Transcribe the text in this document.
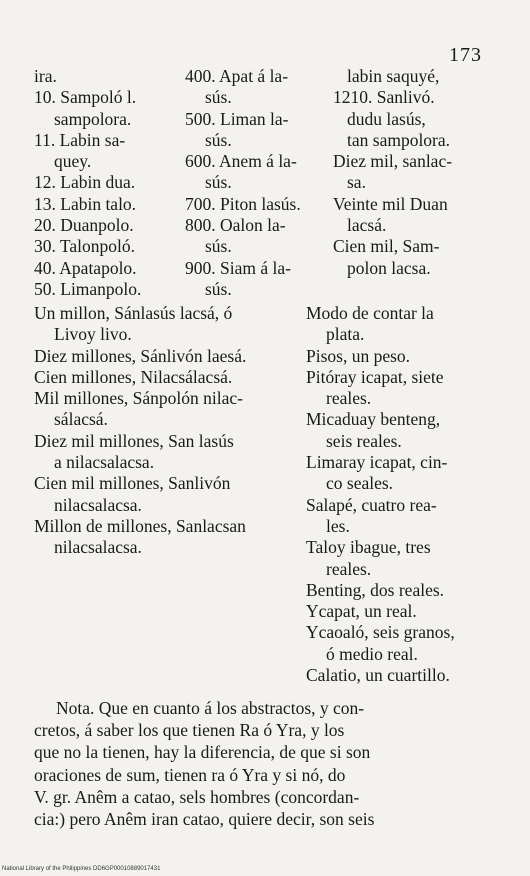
173
ira.
10. Sampoló l.
sampolora.
11. Labin sa-
quey.
12. Labin dua.
13. Labin talo.
20. Duanpolo.
30. Talonpoló.
40. Apatapolo.
50. Limanpolo.
400. Apat á la-
sús.
500. Liman la-
sús.
600. Anem á la-
sús.
700. Piton lasús.
800. Oalon la-
sús.
900. Siam á la-
sús.
labin saquyé,
1210. Sanlivó.
dudu lasús,
tan sampolora.
Diez mil, sanlac-
sa.
Veinte mil Duan
lacsá.
Cien mil, Sam-
polon lacsa.
Un millon, Sánlasús lacsá, ó
Livoy livo.
Diez millones, Sánlivón laesá.
Cien millones, Nilacsálacsá.
Mil millones, Sánpolón nilac-
sálacsá.
Diez mil millones, San lasús
a nilacsalacsa.
Cien mil millones, Sanlivón
nilacsalacsa.
Millon de millones, Sanlacsan
nilacsalacsa.
Modo de contar la
plata.
Pisos, un peso.
Pitóray icapat, siete
reales.
Micaduay benteng,
seis reales.
Limaray icapat, cin-
co seales.
Salapé, cuatro rea-
les.
Taloy ibague, tres
reales.
Benting, dos reales.
Ycapat, un real.
Ycaoaló, seis granos,
ó medio real.
Calatio, un cuartillo.
Nota. Que en cuanto á los abstractos, y con-
cretos, á saber los que tienen Ra ó Yra, y los
que no la tienen, hay la diferencia, de que si son
oraciones de sum, tienen ra ó Yra y si nó, do
V. gr. Anêm a catao, sels hombres (concordan-
cia:) pero Anêm iran catao, quiere decir, son seis
National Library of the Philippines DD6GP00010889017431
